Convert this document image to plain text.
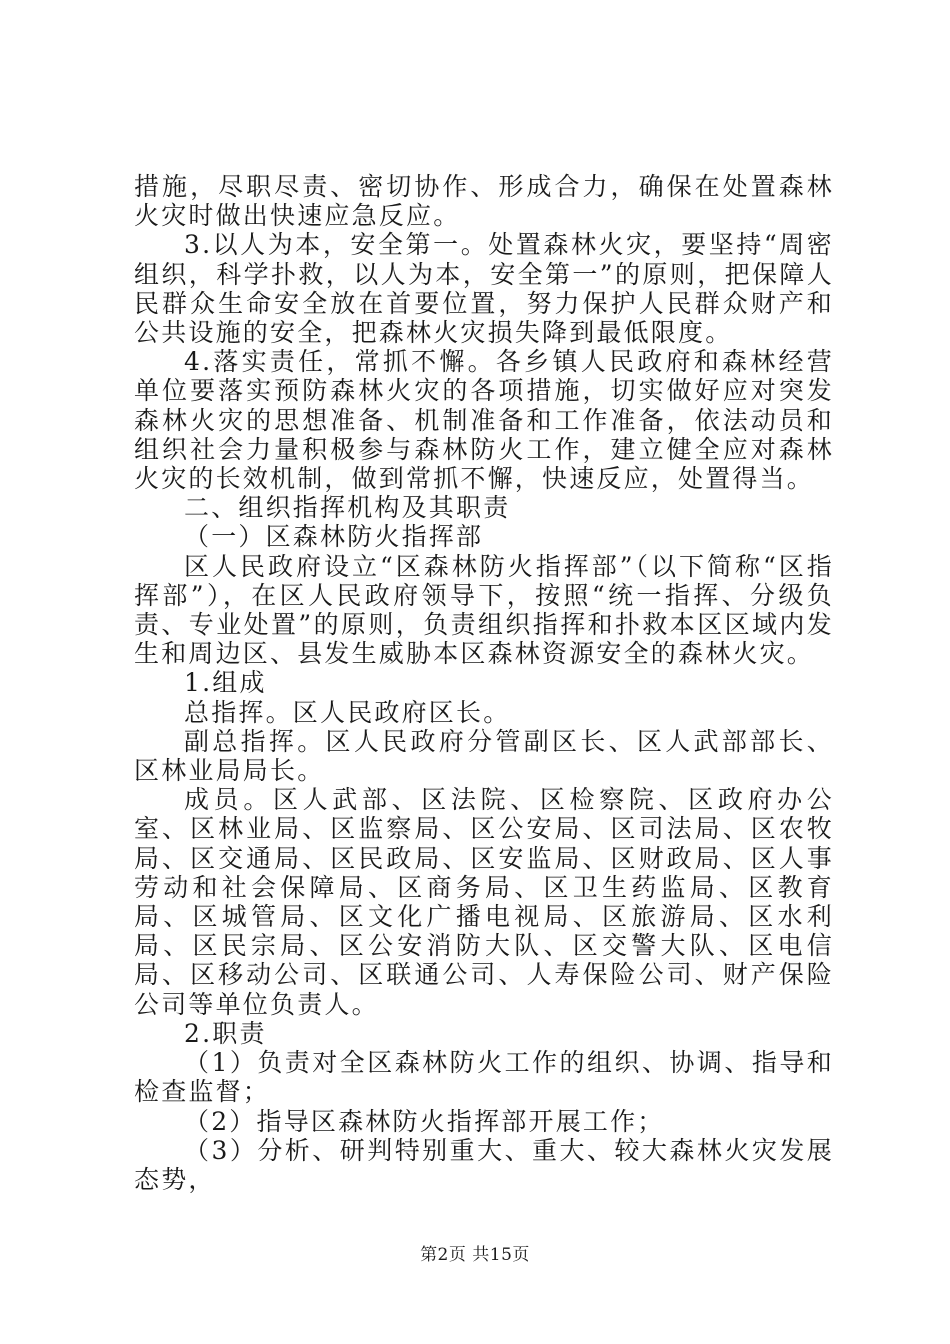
措施，尽职尽责、密切协作、形成合力，确保在处置森林火灾时做出快速应急反应。

3.以人为本，安全第一。处置森林火灾，要坚持“周密组织，科学扑救，以人为本，安全第一”的原则，把保障人民群众生命安全放在首要位置，努力保护人民群众财产和公共设施的安全，把森林火灾损失降到最低限度。

4.落实责任，常抓不懈。各乡镇人民政府和森林经营单位要落实预防森林火灾的各项措施，切实做好应对突发森林火灾的思想准备、机制准备和工作准备，依法动员和组织社会力量积极参与森林防火工作，建立健全应对森林火灾的长效机制，做到常抓不懈，快速反应，处置得当。

二、组织指挥机构及其职责

（一）区森林防火指挥部

区人民政府设立“区森林防火指挥部”（以下简称“区指挥部”），在区人民政府领导下，按照“统一指挥、分级负责、专业处置”的原则，负责组织指挥和扑救本区区域内发生和周边区、县发生威胁本区森林资源安全的森林火灾。

1.组成

总指挥。区人民政府区长。

副总指挥。区人民政府分管副区长、区人武部部长、区林业局局长。

成员。区人武部、区法院、区检察院、区政府办公室、区林业局、区监察局、区公安局、区司法局、区农牧局、区交通局、区民政局、区安监局、区财政局、区人事劳动和社会保障局、区商务局、区卫生药监局、区教育局、区城管局、区文化广播电视局、区旅游局、区水利局、区民宗局、区公安消防大队、区交警大队、区电信局、区移动公司、区联通公司、人寿保险公司、财产保险公司等单位负责人。

2.职责

（1）负责对全区森林防火工作的组织、协调、指导和检查监督；

（2）指导区森林防火指挥部开展工作；

（3）分析、研判特别重大、重大、较大森林火灾发展态势，

第2页 共15页
